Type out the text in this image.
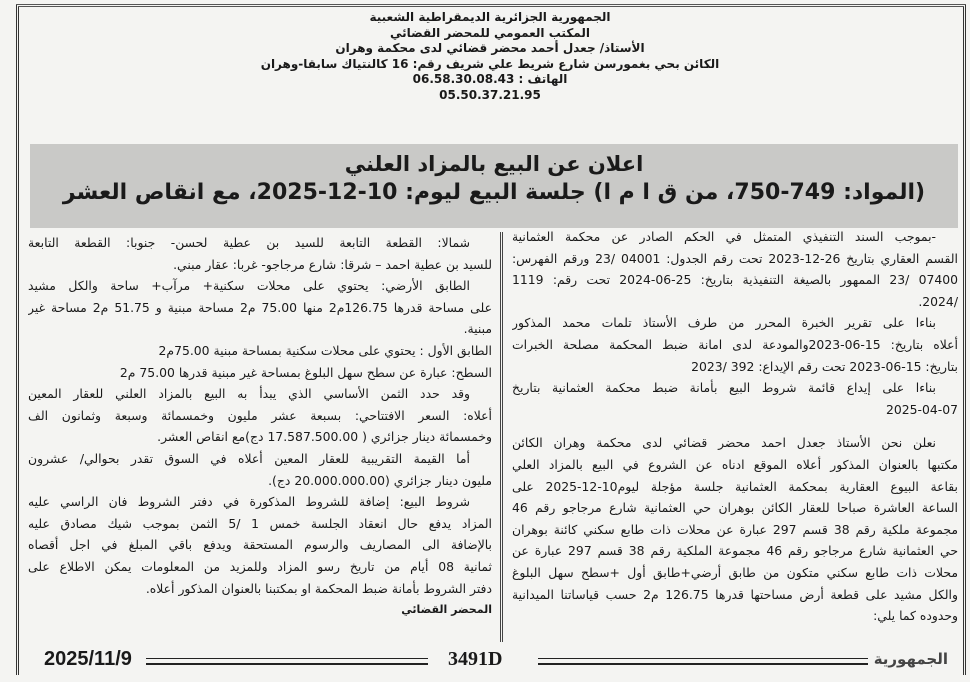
الجمهورية الجزائرية الديمقراطية الشعبية
المكتب العمومي للمحضر القضائي
الأستاذ/ جعدل أحمد محضر قضائي لدى محكمة وهران
الكائن بحي بغمورسن شارع شريط علي شريف رقم: 16 كالنتياك سابقا-وهران
الهاتف : 06.58.30.08.43
05.50.37.21.95
اعلان عن البيع بالمزاد العلني
(المواد: 749-750، من ق ا م ا) جلسة البيع ليوم: 10-12-2025، مع انقاص العشر
-بموجب السند التنفيذي المتمثل في الحكم الصادر عن محكمة العثمانية
القسم العقاري بتاريخ 26-12-2023 تحت رقم الجدول: 04001 /23 ورقم الفهرس:
07400 /23 الممهور بالصيغة التنفيذية بتاريخ: 25-06-2024 تحت رقم: 1119
/2024.
بناءا على تقرير الخبرة المحرر من طرف الأستاذ تلمات محمد المذكور
أعلاه بتاريخ: 15-06-2023والمودعة لدى امانة ضبط المحكمة مصلحة الخبرات
بتاريخ: 15-06-2023 تحت رقم الإيداع: 392 /2023
بناءا على إيداع قائمة شروط البيع بأمانة ضبط محكمة العثمانية بتاريخ
2025-04-07
نعلن نحن الأستاذ جعدل احمد محضر قضائي لدى محكمة وهران الكائن
مكتبها بالعنوان المذكور أعلاه الموقع ادناه عن الشروع في البيع بالمزاد العلي
بقاعة البيوع العقارية بمحكمة العثمانية جلسة مؤجلة ليوم10-12-2025 على
الساعة العاشرة صباحا للعقار الكائن بوهران حي العثمانية شارع مرجاجو رقم 46
مجموعة ملكية رقم 38 قسم 297 عبارة عن محلات ذات طابع سكني كائنة بوهران
حي العثمانية شارع مرجاجو رقم 46 مجموعة الملكية رقم 38 قسم 297 عبارة عن
محلات ذات طابع سكني متكون من طابق أرضي+طابق أول +سطح سهل البلوغ
والكل مشيد على قطعة أرض مساحتها قدرها 126.75 م2 حسب قياساتنا الميدانية
وحدوده كما يلي:
شمالا: القطعة التابعة للسيد بن عطية لحسن- جنوبا: القطعة التابعة
للسيد بن عطية احمد – شرقا: شارع مرجاجو- غربا: عقار مبني.
الطابق الأرضي: يحتوي على محلات سكنية+ مرآب+ ساحة والكل مشيد
على مساحة قدرها 126.75م2 منها 75.00 م2 مساحة مبنية و 51.75 م2 مساحة غير
مبنية.
الطابق الأول : يحتوي على محلات سكنية بمساحة مبنية 75.00م2
السطح: عبارة عن سطح سهل البلوغ بمساحة غير مبنية قدرها 75.00 م2
وقد حدد الثمن الأساسي الذي يبدأ به البيع بالمزاد العلني للعقار المعين
أعلاه: السعر الافتتاحي: بسبعة عشر مليون وخمسمائة وسبعة وثمانون الف
وخمسمائة دينار جزائري ( 17.587.500.00 دج)مع انقاص العشر.
أما القيمة التقريبية للعقار المعين أعلاه في السوق تقدر بحوالي/ عشرون
مليون دينار جزائري (20.000.000.00 دج).
شروط البيع: إضافة للشروط المذكورة في دفتر الشروط فان الراسي عليه
المزاد يدفع حال انعقاد الجلسة خمس 1 /5 الثمن بموجب شيك مصادق عليه
بالإضافة الى المصاريف والرسوم المستحقة ويدفع باقي المبلغ في اجل أقصاه
ثمانية 08 أيام من تاريخ رسو المزاد وللمزيد من المعلومات يمكن الاطلاع على
دفتر الشروط بأمانة ضبط المحكمة او بمكتبنا بالعنوان المذكور أعلاه.
المحضر القضائي
2025/11/9	3491D	الجمهورية
